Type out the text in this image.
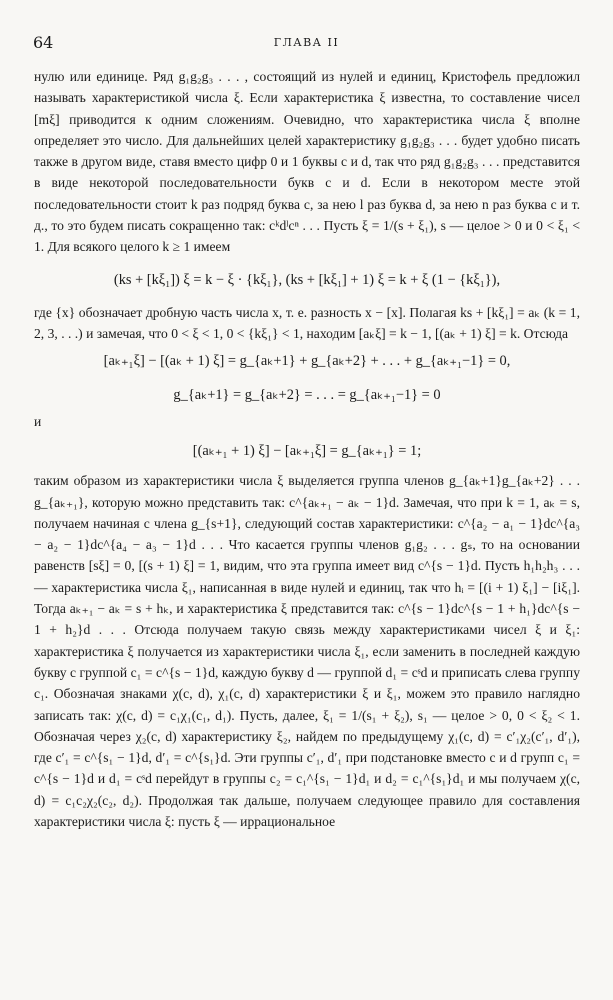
64	ГЛАВА II

нулю или единице. Ряд g₁g₂g₃ . . . , состоящий из нулей и единиц, Кристофель предложил называть характеристикой числа ξ. Если характеристика ξ известна, то составление чисел [mξ] приводится к одним сложениям. Очевидно, что характеристика числа ξ вполне определяет это число. Для дальнейших целей характеристику g₁g₂g₃ . . . будет удобно писать также в другом виде, ставя вместо цифр 0 и 1 буквы c и d, так что ряд g₁g₂g₃ . . . представится в виде некоторой последовательности букв c и d. Если в некотором месте этой последовательности стоит k раз подряд буква c, за нею l раз буква d, за нею n раз буква c и т. д., то это будем писать сокращенно так: cᵏdˡcⁿ . . . Пусть ξ = 1/(s + ξ₁), s — целое > 0 и 0 < ξ₁ < 1. Для всякого целого k ≥ 1 имеем

(ks + [kξ₁]) ξ = k − ξ · {kξ₁}, (ks + [kξ₁] + 1) ξ = k + ξ (1 − {kξ₁}),

где {x} обозначает дробную часть числа x, т. е. разность x − [x]. Полагая ks + [kξ₁] = aₖ (k = 1, 2, 3, . . .) и замечая, что 0 < ξ < 1, 0 < {kξ₁} < 1, находим [aₖξ] = k − 1, [(aₖ + 1) ξ] = k. Отсюда

[aₖ₊₁ξ] − [(aₖ + 1) ξ] = g_{aₖ+1} + g_{aₖ+2} + . . . + g_{aₖ₊₁−1} = 0,
g_{aₖ+1} = g_{aₖ+2} = . . . = g_{aₖ₊₁−1} = 0
и
[(aₖ₊₁ + 1) ξ] − [aₖ₊₁ξ] = g_{aₖ₊₁} = 1;

таким образом из характеристики числа ξ выделяется группа членов g_{aₖ+1}g_{aₖ+2} . . . g_{aₖ₊₁}, которую можно представить так: c^{aₖ₊₁ − aₖ − 1}d. Замечая, что при k = 1, aₖ = s, получаем начиная с члена g_{s+1}, следующий состав характеристики: c^{a₂ − a₁ − 1}dc^{a₃ − a₂ − 1}dc^{a₄ − a₃ − 1}d . . . Что касается группы членов g₁g₂ . . . gₛ, то на основании равенств [sξ] = 0, [(s + 1) ξ] = 1, видим, что эта группа имеет вид c^{s − 1}d. Пусть h₁h₂h₃ . . . — характеристика числа ξ₁, написанная в виде нулей и единиц, так что hᵢ = [(i + 1) ξ₁] − [iξ₁]. Тогда aₖ₊₁ − aₖ = s + hₖ, и характеристика ξ представится так: c^{s − 1}dc^{s − 1 + h₁}dc^{s − 1 + h₂}d . . . Отсюда получаем такую связь между характеристиками чисел ξ и ξ₁: характеристика ξ получается из характеристики числа ξ₁, если заменить в последней каждую букву c группой c₁ = c^{s − 1}d, каждую букву d — группой d₁ = cˢd и приписать слева группу c₁. Обозначая знаками χ(c, d), χ₁(c, d) характеристики ξ и ξ₁, можем это правило наглядно записать так: χ(c, d) = c₁χ₁(c₁, d₁). Пусть, далее, ξ₁ = 1/(s₁ + ξ₂), s₁ — целое > 0, 0 < ξ₂ < 1. Обозначая через χ₂(c, d) характеристику ξ₂, найдем по предыдущему χ₁(c, d) = c′₁χ₂(c′₁, d′₁), где c′₁ = c^{s₁ − 1}d, d′₁ = c^{s₁}d. Эти группы c′₁, d′₁ при подстановке вместо c и d групп c₁ = c^{s − 1}d и d₁ = cˢd перейдут в группы c₂ = c₁^{s₁ − 1}d₁ и d₂ = c₁^{s₁}d₁ и мы получаем χ(c, d) = c₁c₂χ₂(c₂, d₂). Продолжая так дальше, получаем следующее правило для составления характеристики числа ξ: пусть ξ — иррациональное
